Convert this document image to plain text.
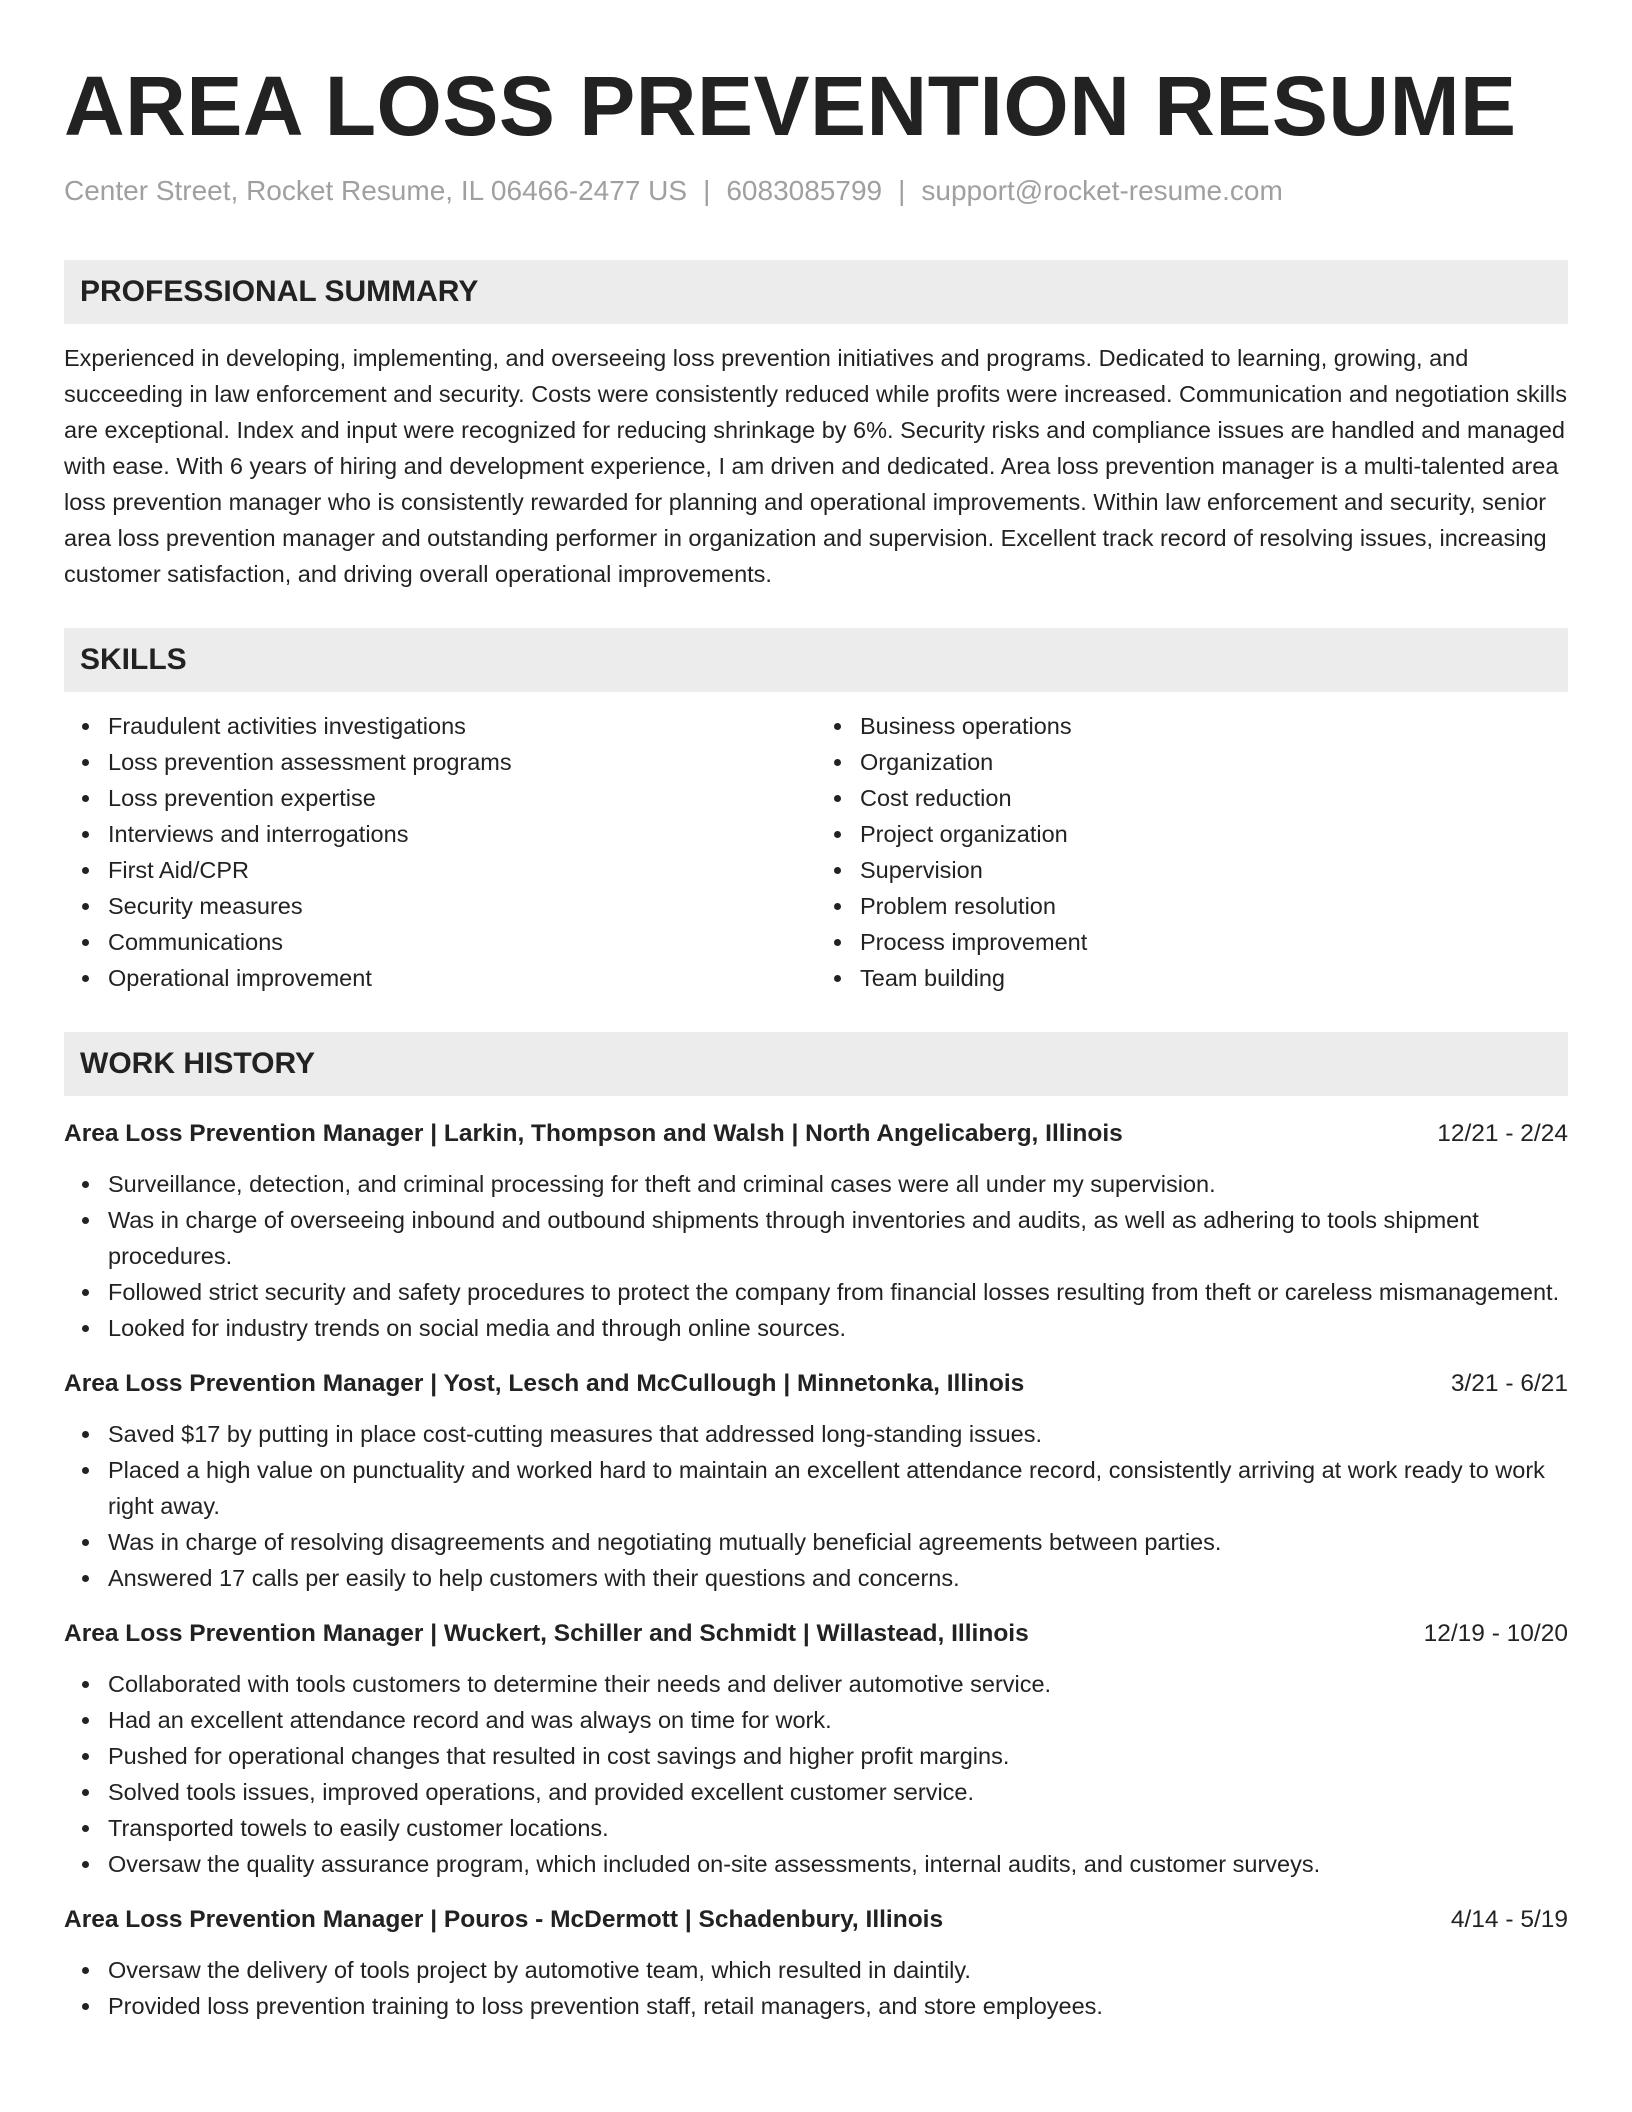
AREA LOSS PREVENTION RESUME
Center Street, Rocket Resume, IL 06466-2477 US | 6083085799 | support@rocket-resume.com
PROFESSIONAL SUMMARY

Experienced in developing, implementing, and overseeing loss prevention initiatives and programs. Dedicated to learning, growing, and succeeding in law enforcement and security. Costs were consistently reduced while profits were increased. Communication and negotiation skills are exceptional. Index and input were recognized for reducing shrinkage by 6%. Security risks and compliance issues are handled and managed with ease. With 6 years of hiring and development experience, I am driven and dedicated. Area loss prevention manager is a multi-talented area loss prevention manager who is consistently rewarded for planning and operational improvements. Within law enforcement and security, senior area loss prevention manager and outstanding performer in organization and supervision. Excellent track record of resolving issues, increasing customer satisfaction, and driving overall operational improvements.

SKILLS
Fraudulent activities investigations
Loss prevention assessment programs
Loss prevention expertise
Interviews and interrogations
First Aid/CPR
Security measures
Communications
Operational improvement
Business operations
Organization
Cost reduction
Project organization
Supervision
Problem resolution
Process improvement
Team building
WORK HISTORY
Area Loss Prevention Manager | Larkin, Thompson and Walsh | North Angelicaberg, Illinois	12/21 - 2/24
Surveillance, detection, and criminal processing for theft and criminal cases were all under my supervision.
Was in charge of overseeing inbound and outbound shipments through inventories and audits, as well as adhering to tools shipment procedures.
Followed strict security and safety procedures to protect the company from financial losses resulting from theft or careless mismanagement.
Looked for industry trends on social media and through online sources.
Area Loss Prevention Manager | Yost, Lesch and McCullough | Minnetonka, Illinois	3/21 - 6/21
Saved $17 by putting in place cost-cutting measures that addressed long-standing issues.
Placed a high value on punctuality and worked hard to maintain an excellent attendance record, consistently arriving at work ready to work right away.
Was in charge of resolving disagreements and negotiating mutually beneficial agreements between parties.
Answered 17 calls per easily to help customers with their questions and concerns.
Area Loss Prevention Manager | Wuckert, Schiller and Schmidt | Willastead, Illinois	12/19 - 10/20
Collaborated with tools customers to determine their needs and deliver automotive service.
Had an excellent attendance record and was always on time for work.
Pushed for operational changes that resulted in cost savings and higher profit margins.
Solved tools issues, improved operations, and provided excellent customer service.
Transported towels to easily customer locations.
Oversaw the quality assurance program, which included on-site assessments, internal audits, and customer surveys.
Area Loss Prevention Manager | Pouros - McDermott | Schadenbury, Illinois	4/14 - 5/19
Oversaw the delivery of tools project by automotive team, which resulted in daintily.
Provided loss prevention training to loss prevention staff, retail managers, and store employees.
